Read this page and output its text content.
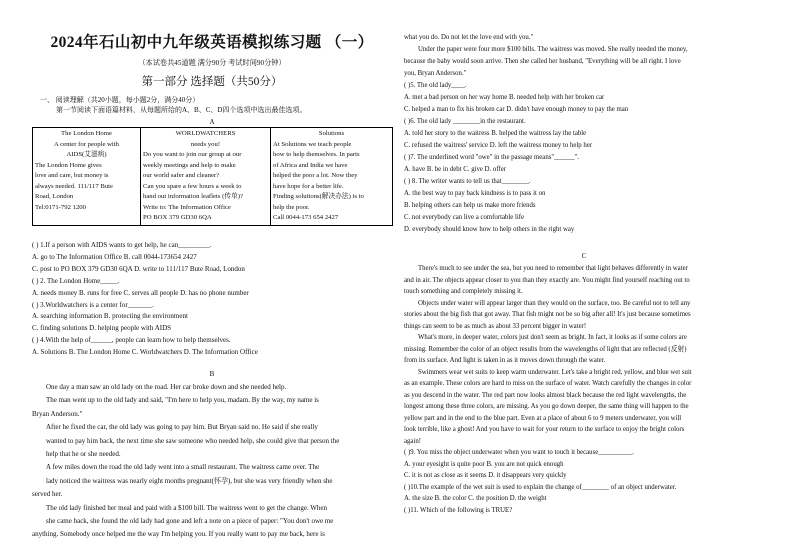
2024年石山初中九年级英语模拟练习题 （一）
（本试卷共45道题 满分90分 考试时间90分钟）
第一部分 选择题（共50分）
一、 阅读理解（共20小题，每小题2分，满分40分）
第一节阅读下面语篇材料，从每题所给的A、B、C、D四个选项中选出最佳选项。
A
The London Home
A center for people with
AIDS(艾滋病)
The London Home gives
love and care, but money is
always needed. 111/117 Bute
Road, London
Tel:0171-792 1200

WORLDWATCHERS
needs you!
Do you want to join our group at our
weekly meetings and help to make
our world safer and cleaner?
Can you spare a few hours a week to
hand out information leaflets (传单)?
Write to: The Information Office
PO BOX 379 GD30 6QA

Solutions
At Solutions we teach people
how to help themselves. In parts
of Africa and India we have
helped the poor a lot. Now they
have hope for a better life.
Finding solutions(解决办法) is to
help the poor.
Call 0044-173 654 2427
( ) 1.If a person with AIDS wants to get help, he can_________.
A. go to The Information Office B. call 0044-173654 2427
C. post to PO BOX 379 GD30 6QA D. write to 111/117 Bute Road, London
( ) 2. The London Home_____.
A. needs money B. runs for free C. serves all people D. has no phone number
( ) 3.Worldwatchers is a center for_______.
A. searching information B. protecting the environment
C. finding solutions D. helping people with AIDS
( ) 4.With the help of______, people can learn how to help themselves.
A. Solutions B. The London Home C. Worldwatchers D. The Information Office
B
One day a man saw an old lady on the road. Her car broke down and she needed help.
The man went up to the old lady and said, "I'm here to help you, madam. By the way, my name is
Bryan Anderson."
After he fixed the car, the old lady was going to pay him. But Bryan said no. He said if she really
wanted to pay him back, the next time she saw someone who needed help, she could give that person the
help that he or she needed.
A few miles down the road the old lady went into a small restaurant. The waitress came over. The
lady noticed the waitress was nearly eight months pregnant(怀孕), but she was very friendly when she
served her.
The old lady finished her meal and paid with a $100 bill. The waitress went to get the change. When
she came back, she found the old lady had gone and left a note on a piece of paper: "You don't owe me
anything. Somebody once helped me the way I'm helping you. If you really want to pay me back, here is
what you do. Do not let the love end with you."
Under the paper were four more $100 bills. The waitress was moved. She really needed the money,
because the baby would soon arrive. Then she called her husband, "Everything will be all right. I love
you, Bryan Anderson."
( )5. The old lady____.
A. met a bad person on her way home B. needed help with her broken car
C. helped a man to fix his broken car D. didn't have enough money to pay the man
( )6. The old lady ________in the restaurant.
A. told her story to the waitress B. helped the waitress lay the table
C. refused the waitress' service D. left the waitress money to help her
( )7. The underlined word "owe" in the passage means"______".
A. have B. be in debt C. give D. offer
( ) 8. The writer wants to tell us that________.
A. the best way to pay back kindness is to pass it on
B. helping others can help us make more friends
C. not everybody can live a comfortable life
D. everybody should know how to help others in the right way
C
There's much to see under the sea, but you need to remember that light behaves differently in water
and in air. The objects appear closer to you than they exactly are. You might find yourself reaching out to
touch something and completely missing it.
Objects under water will appear larger than they would on the surface, too. Be careful not to tell any
stories about the big fish that got away. That fish might not be so big after all! It's just because sometimes
things can seem to be as much as about 33 percent bigger in water!
What's more, in deeper water, colors just don't seem as bright. In fact, it looks as if some colors are
missing. Remember the color of an object results from the wavelengths of light that are reflected (反射)
from its surface. And light is taken in as it moves down through the water.
Swimmers wear wet suits to keep warm underwater. Let's take a bright red, yellow, and blue wet suit
as an example. These colors are hard to miss on the surface of water. Watch carefully the changes in color
as you descend in the water. The red part now looks almost black because the red light wavelengths, the
longest among these three colors, are missing. As you go down deeper, the same thing will happen to the
yellow part and in the end to the blue part. Even at a place of about 6 to 9 meters underwater, you will
look terrible, like a ghost! And you have to wait for your return to the surface to enjoy the bright colors
again!
( )9. You miss the object underwater when you want to touch it because__________.
A. your eyesight is quite poor B. you are not quick enough
C. it is not as close as it seems D. it disappears very quickly
( )10.The example of the wet suit is used to explain the change of________ of an object underwater.
A. the size B. the color C. the position D. the weight
( )11. Which of the following is TRUE?
